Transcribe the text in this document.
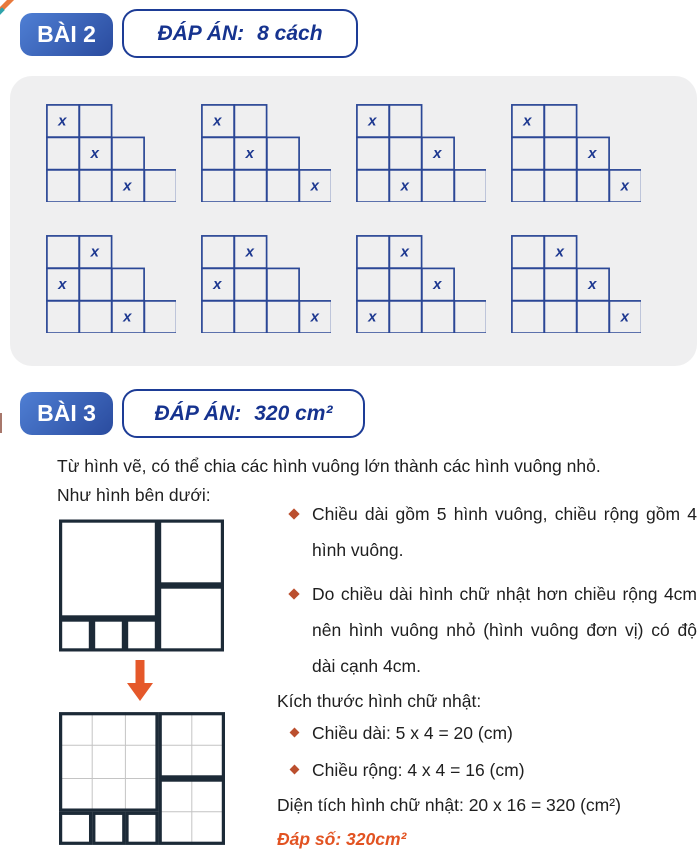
BÀI 2	ĐÁP ÁN: 8 cách
x
x
x
x
x
x
x
x
x
x
x
x
x
x
x
x
x
x
x
x
x
x
x
x
BÀI 3	ĐÁP ÁN: 320 cm²
Từ hình vẽ, có thể chia các hình vuông lớn thành các hình vuông nhỏ.
Như hình bên dưới:
Chiều dài gồm 5 hình vuông, chiều rộng gồm 4 hình vuông.
Do chiều dài hình chữ nhật hơn chiều rộng 4cm nên hình vuông nhỏ (hình vuông đơn vị) có độ dài cạnh 4cm.
Kích thước hình chữ nhật:
Chiều dài: 5 x 4 = 20 (cm)
Chiều rộng: 4 x 4 = 16 (cm)
Diện tích hình chữ nhật: 20 x 16 = 320 (cm²)
Đáp số: 320cm²
